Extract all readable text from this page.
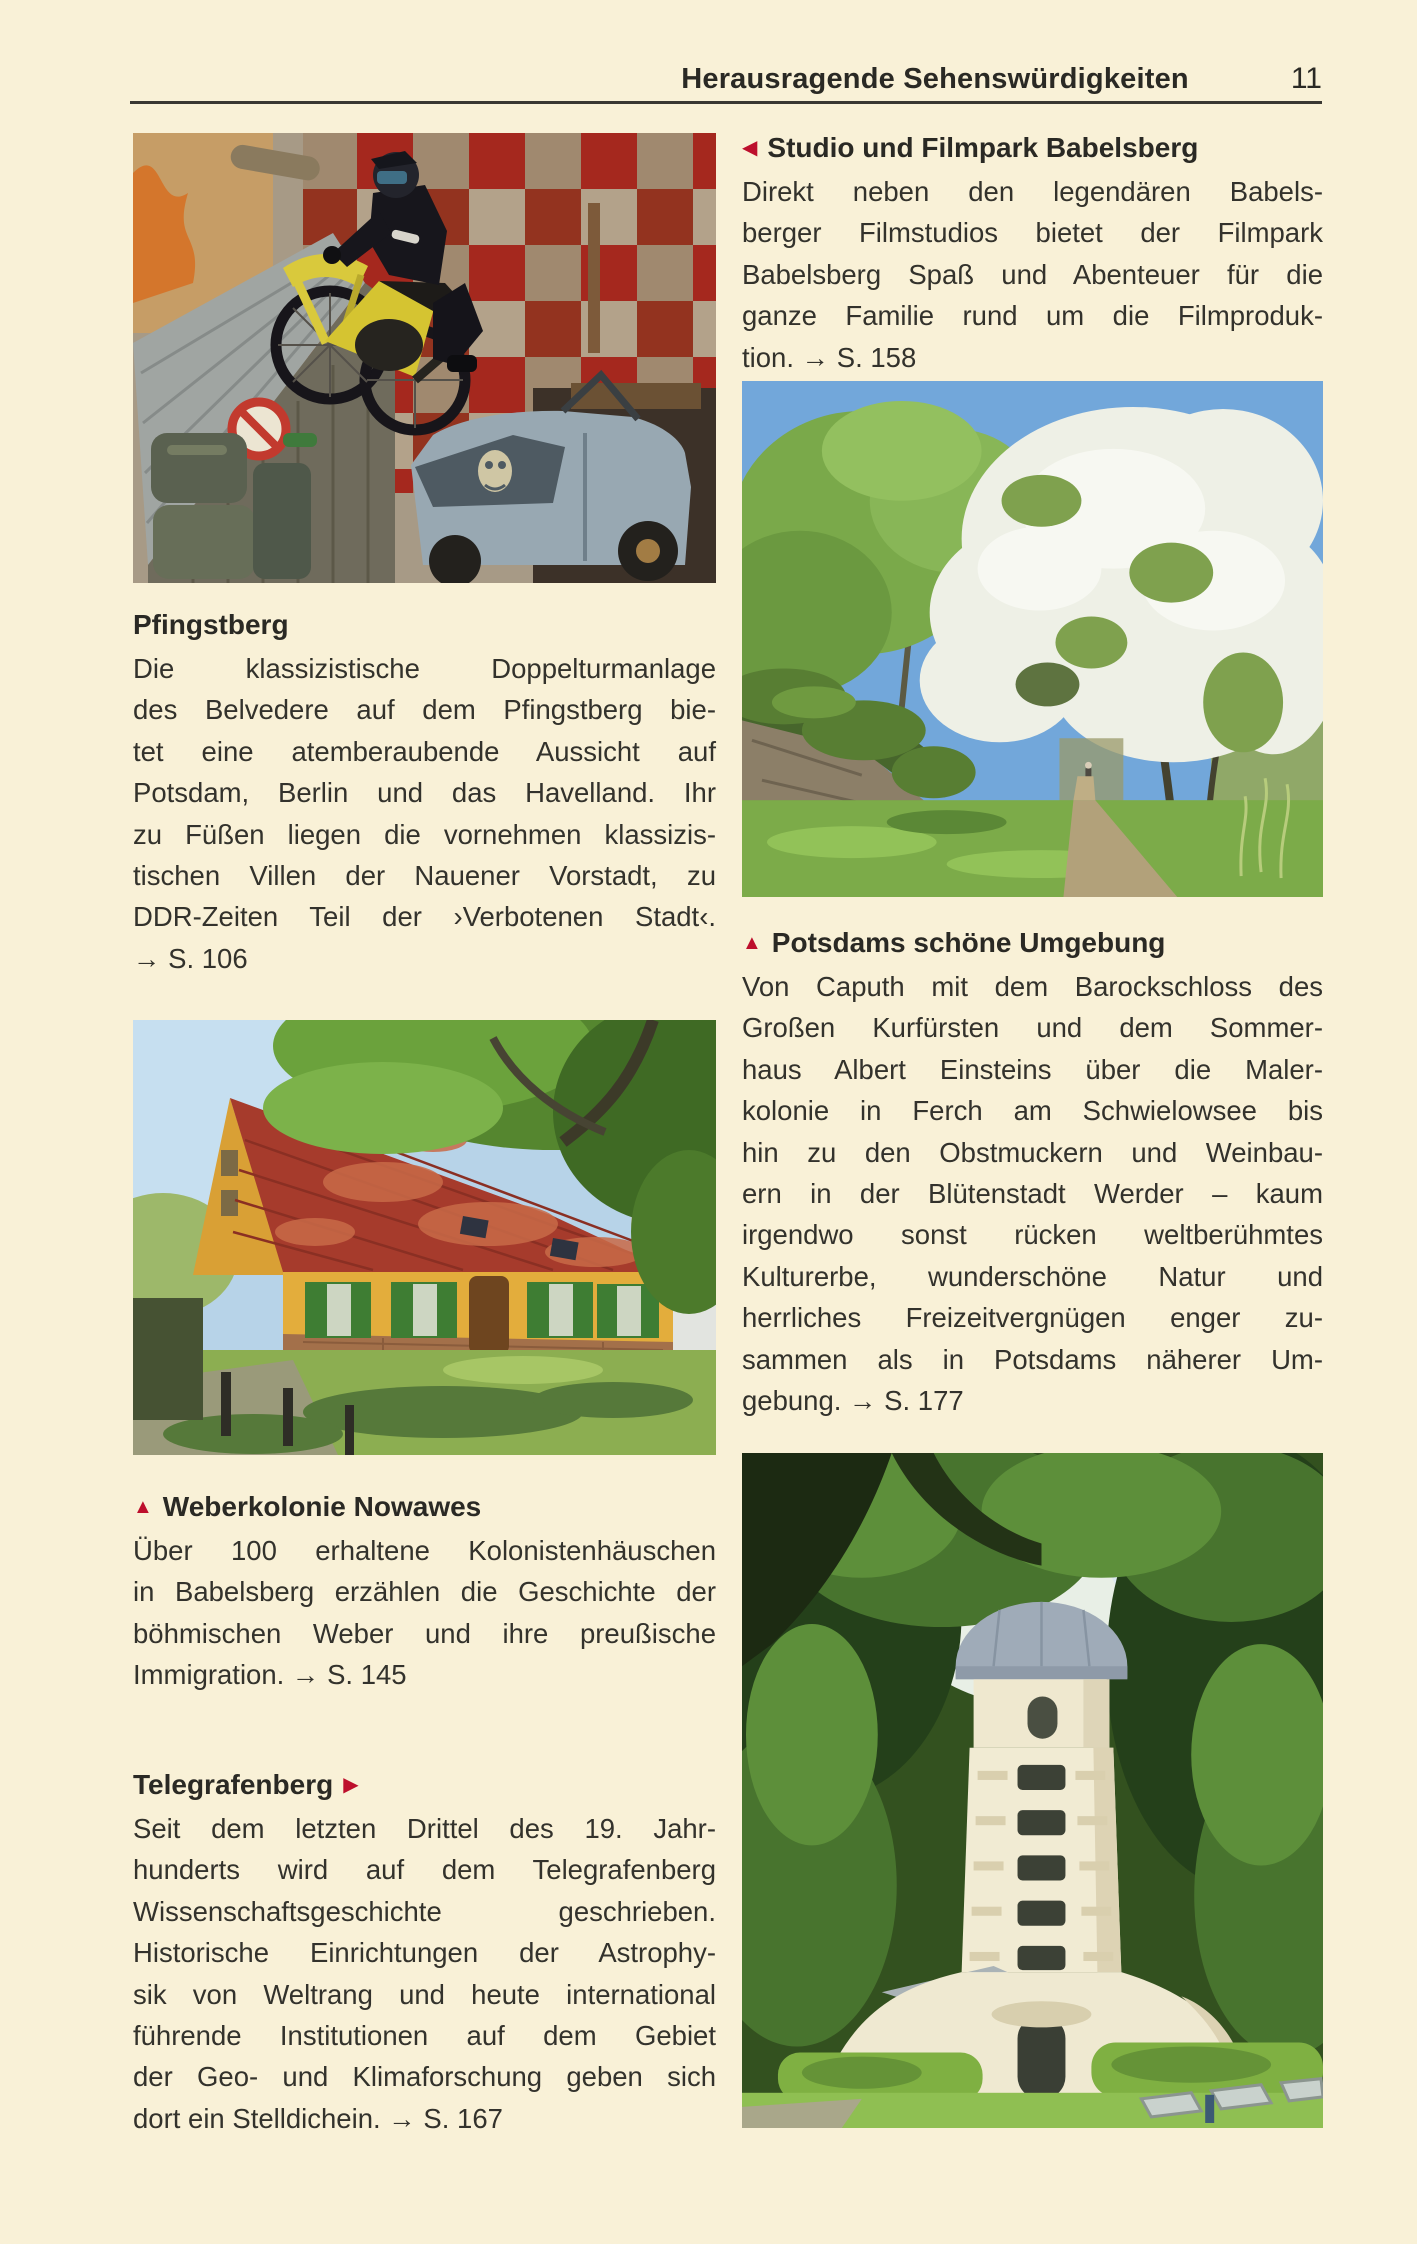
Herausragende Sehenswürdigkeiten	11
Pfingstberg
Die klassizistische Doppelturmanlage
des Belvedere auf dem Pfingstberg bie-
tet eine atemberaubende Aussicht auf
Potsdam, Berlin und das Havelland. Ihr
zu Füßen liegen die vornehmen klassizis-
tischen Villen der Nauener Vorstadt, zu
DDR-Zeiten Teil der ›Verbotenen Stadt‹.
→ S. 106
▲ Weberkolonie Nowawes
Über 100 erhaltene Kolonistenhäuschen
in Babelsberg erzählen die Geschichte der
böhmischen Weber und ihre preußische
Immigration. → S. 145
Telegrafenberg ▶
Seit dem letzten Drittel des 19. Jahr-
hunderts wird auf dem Telegrafenberg
Wissenschaftsgeschichte geschrieben.
Historische Einrichtungen der Astrophy-
sik von Weltrang und heute international
führende Institutionen auf dem Gebiet
der Geo- und Klimaforschung geben sich
dort ein Stelldichein. → S. 167
◀ Studio und Filmpark Babelsberg
Direkt neben den legendären Babels-
berger Filmstudios bietet der Filmpark
Babelsberg Spaß und Abenteuer für die
ganze Familie rund um die Filmproduk-
tion. → S. 158
▲ Potsdams schöne Umgebung
Von Caputh mit dem Barockschloss des
Großen Kurfürsten und dem Sommer-
haus Albert Einsteins über die Maler-
kolonie in Ferch am Schwielowsee bis
hin zu den Obstmuckern und Weinbau-
ern in der Blütenstadt Werder – kaum
irgendwo sonst rücken weltberühmtes
Kulturerbe, wunderschöne Natur und
herrliches Freizeitvergnügen enger zu-
sammen als in Potsdams näherer Um-
gebung. → S. 177
